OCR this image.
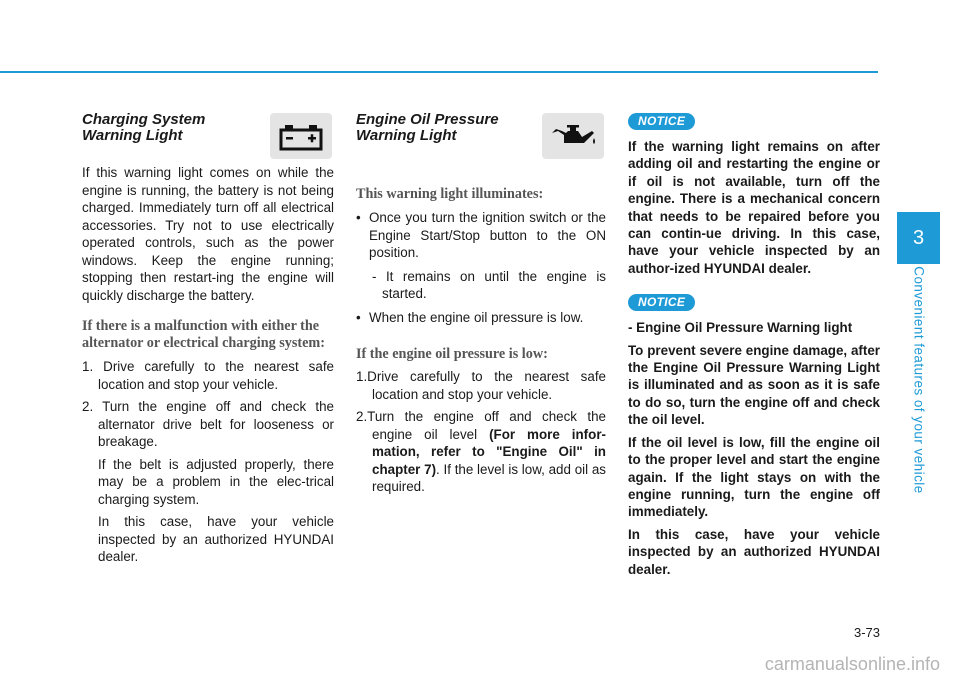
Charging System
Warning Light

If this warning light comes on while the engine is running, the battery is not being charged. Immediately turn off all electrical accessories. Try not to use electrically operated controls, such as the power windows. Keep the engine running; stopping then restart-ing the engine will quickly discharge the battery.

If there is a malfunction with either the alternator or electrical charging system:

1. Drive carefully to the nearest safe location and stop your vehicle.

2. Turn the engine off and check the alternator drive belt for looseness or breakage.

If the belt is adjusted properly, there may be a problem in the elec-trical charging system.

In this case, have your vehicle inspected by an authorized HYUNDAI dealer.

Engine Oil Pressure
Warning Light

This warning light illuminates:

• Once you turn the ignition switch or the Engine Start/Stop button to the ON position.

- It remains on until the engine is started.

• When the engine oil pressure is low.

If the engine oil pressure is low:

1.Drive carefully to the nearest safe location and stop your vehicle.

2.Turn the engine off and check the engine oil level (For more infor-mation, refer to "Engine Oil" in chapter 7). If the level is low, add oil as required.

NOTICE

If the warning light remains on after adding oil and restarting the engine or if oil is not available, turn off the engine. There is a mechanical concern that needs to be repaired before you can contin-ue driving. In this case, have your vehicle inspected by an author-ized HYUNDAI dealer.

NOTICE

- Engine Oil Pressure Warning light

To prevent severe engine damage, after the Engine Oil Pressure Warning Light is illuminated and as soon as it is safe to do so, turn the engine off and check the oil level.

If the oil level is low, fill the engine oil to the proper level and start the engine again. If the light stays on with the engine running, turn the engine off immediately.

In this case, have your vehicle inspected by an authorized HYUNDAI dealer.

3
Convenient features of your vehicle
3-73
carmanualsonline.info
